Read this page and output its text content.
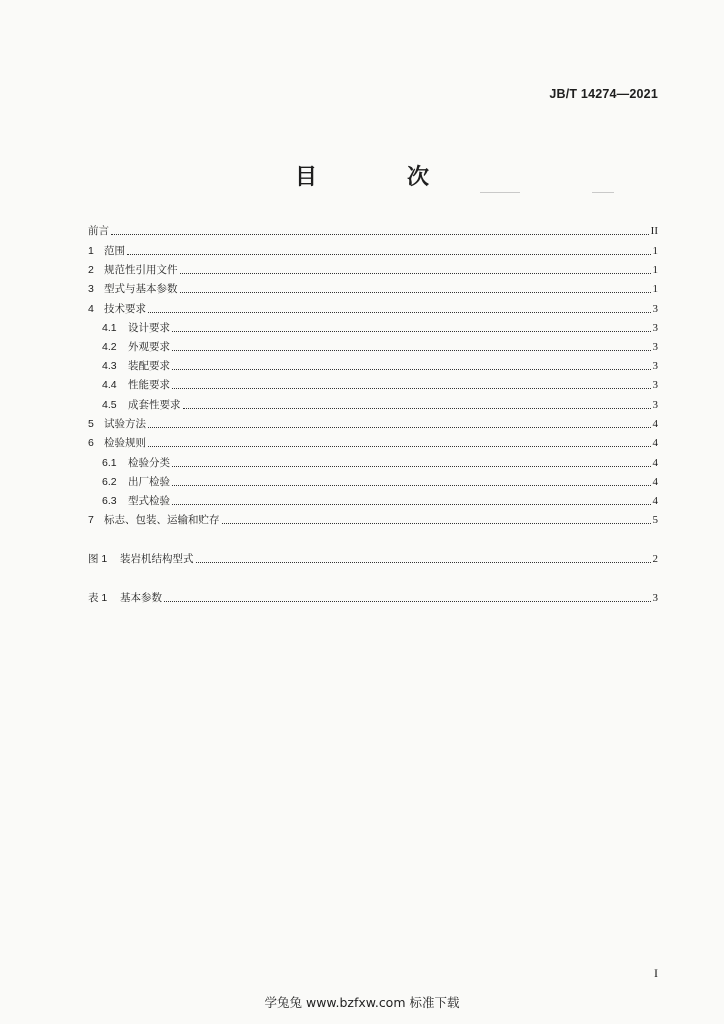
JB/T 14274—2021
目　次
前言	II
1 范围	1
2 规范性引用文件	1
3 型式与基本参数	1
4 技术要求	3
4.1	设计要求	3
4.2	外观要求	3
4.3	装配要求	3
4.4	性能要求	3
4.5	成套性要求	3
5 试验方法	4
6 检验规则	4
6.1	检验分类	4
6.2	出厂检验	4
6.3	型式检验	4
7 标志、包装、运输和贮存	5
图 1	装岩机结构型式	2
表 1	基本参数	3
I
学兔兔 www.bzfxw.com 标准下载
